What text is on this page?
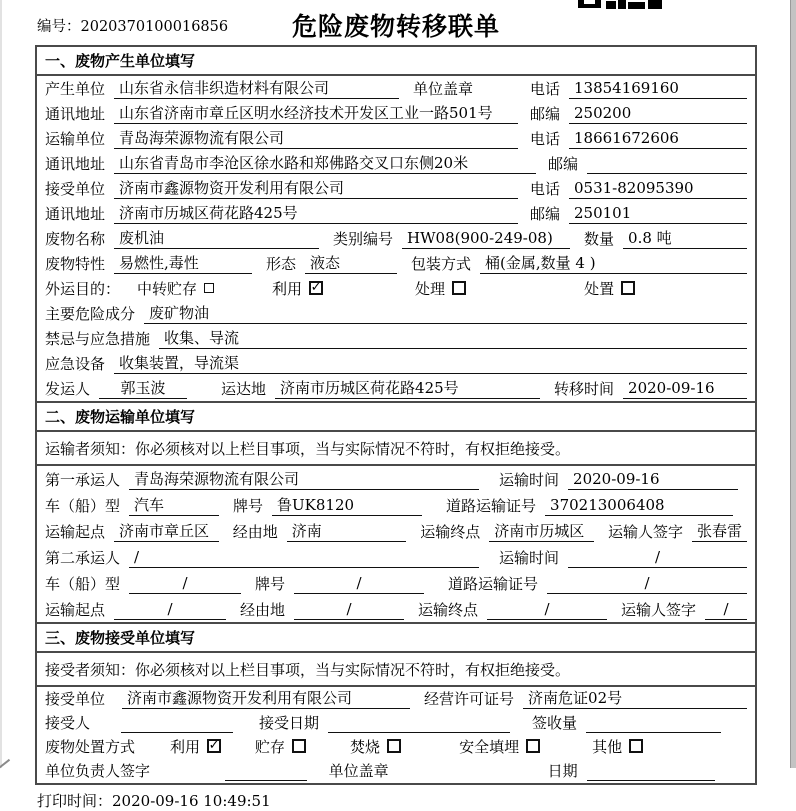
编号：2020370100016856	危险废物转移联单
一、废物产生单位填写
产生单位 山东省永信非织造材料有限公司	单位盖章	电话 13854169160
通讯地址 山东省济南市章丘区明水经济技术开发区工业一路501号	邮编 250200
运输单位 青岛海荣源物流有限公司	电话 18661672606
通讯地址 山东省青岛市李沧区徐水路和郑佛路交叉口东侧20米	邮编
接受单位 济南市鑫源物资开发利用有限公司	电话 0531-82095390
通讯地址 济南市历城区荷花路425号	邮编 250101
废物名称 废机油	类别编号 HW08(900-249-08)	数量 0.8 吨
废物特性 易燃性,毒性	形态 液态	包装方式 桶(金属,数量 4 )
外运目的： 中转贮存	利用 ✓	处理	处置
主要危险成分 废矿物油
禁忌与应急措施 收集、导流
应急设备 收集装置，导流渠
发运人	郭玉波	运达地 济南市历城区荷花路425号	转移时间 2020-09-16
二、废物运输单位填写
运输者须知：你必须核对以上栏目事项，当与实际情况不符时，有权拒绝接受。
第一承运人 青岛海荣源物流有限公司	运输时间 2020-09-16
车（船）型 汽车	牌号 鲁UK8120	道路运输证号 370213006408
运输起点 济南市章丘区	经由地 济南	运输终点 济南市历城区	运输人签字 张春雷
第二承运人 /	运输时间	/
车（船）型	/	牌号	/	道路运输证号	/
运输起点	/	经由地	/	运输终点	/	运输人签字	/
三、废物接受单位填写
接受者须知：你必须核对以上栏目事项，当与实际情况不符时，有权拒绝接受。
接受单位	济南市鑫源物资开发利用有限公司	经营许可证号 济南危证02号
接受人	接受日期	签收量
废物处置方式 利用 ✓ 贮存	焚烧	安全填埋	其他
单位负责人签字	单位盖章	日期
打印时间：2020-09-16 10:49:51
